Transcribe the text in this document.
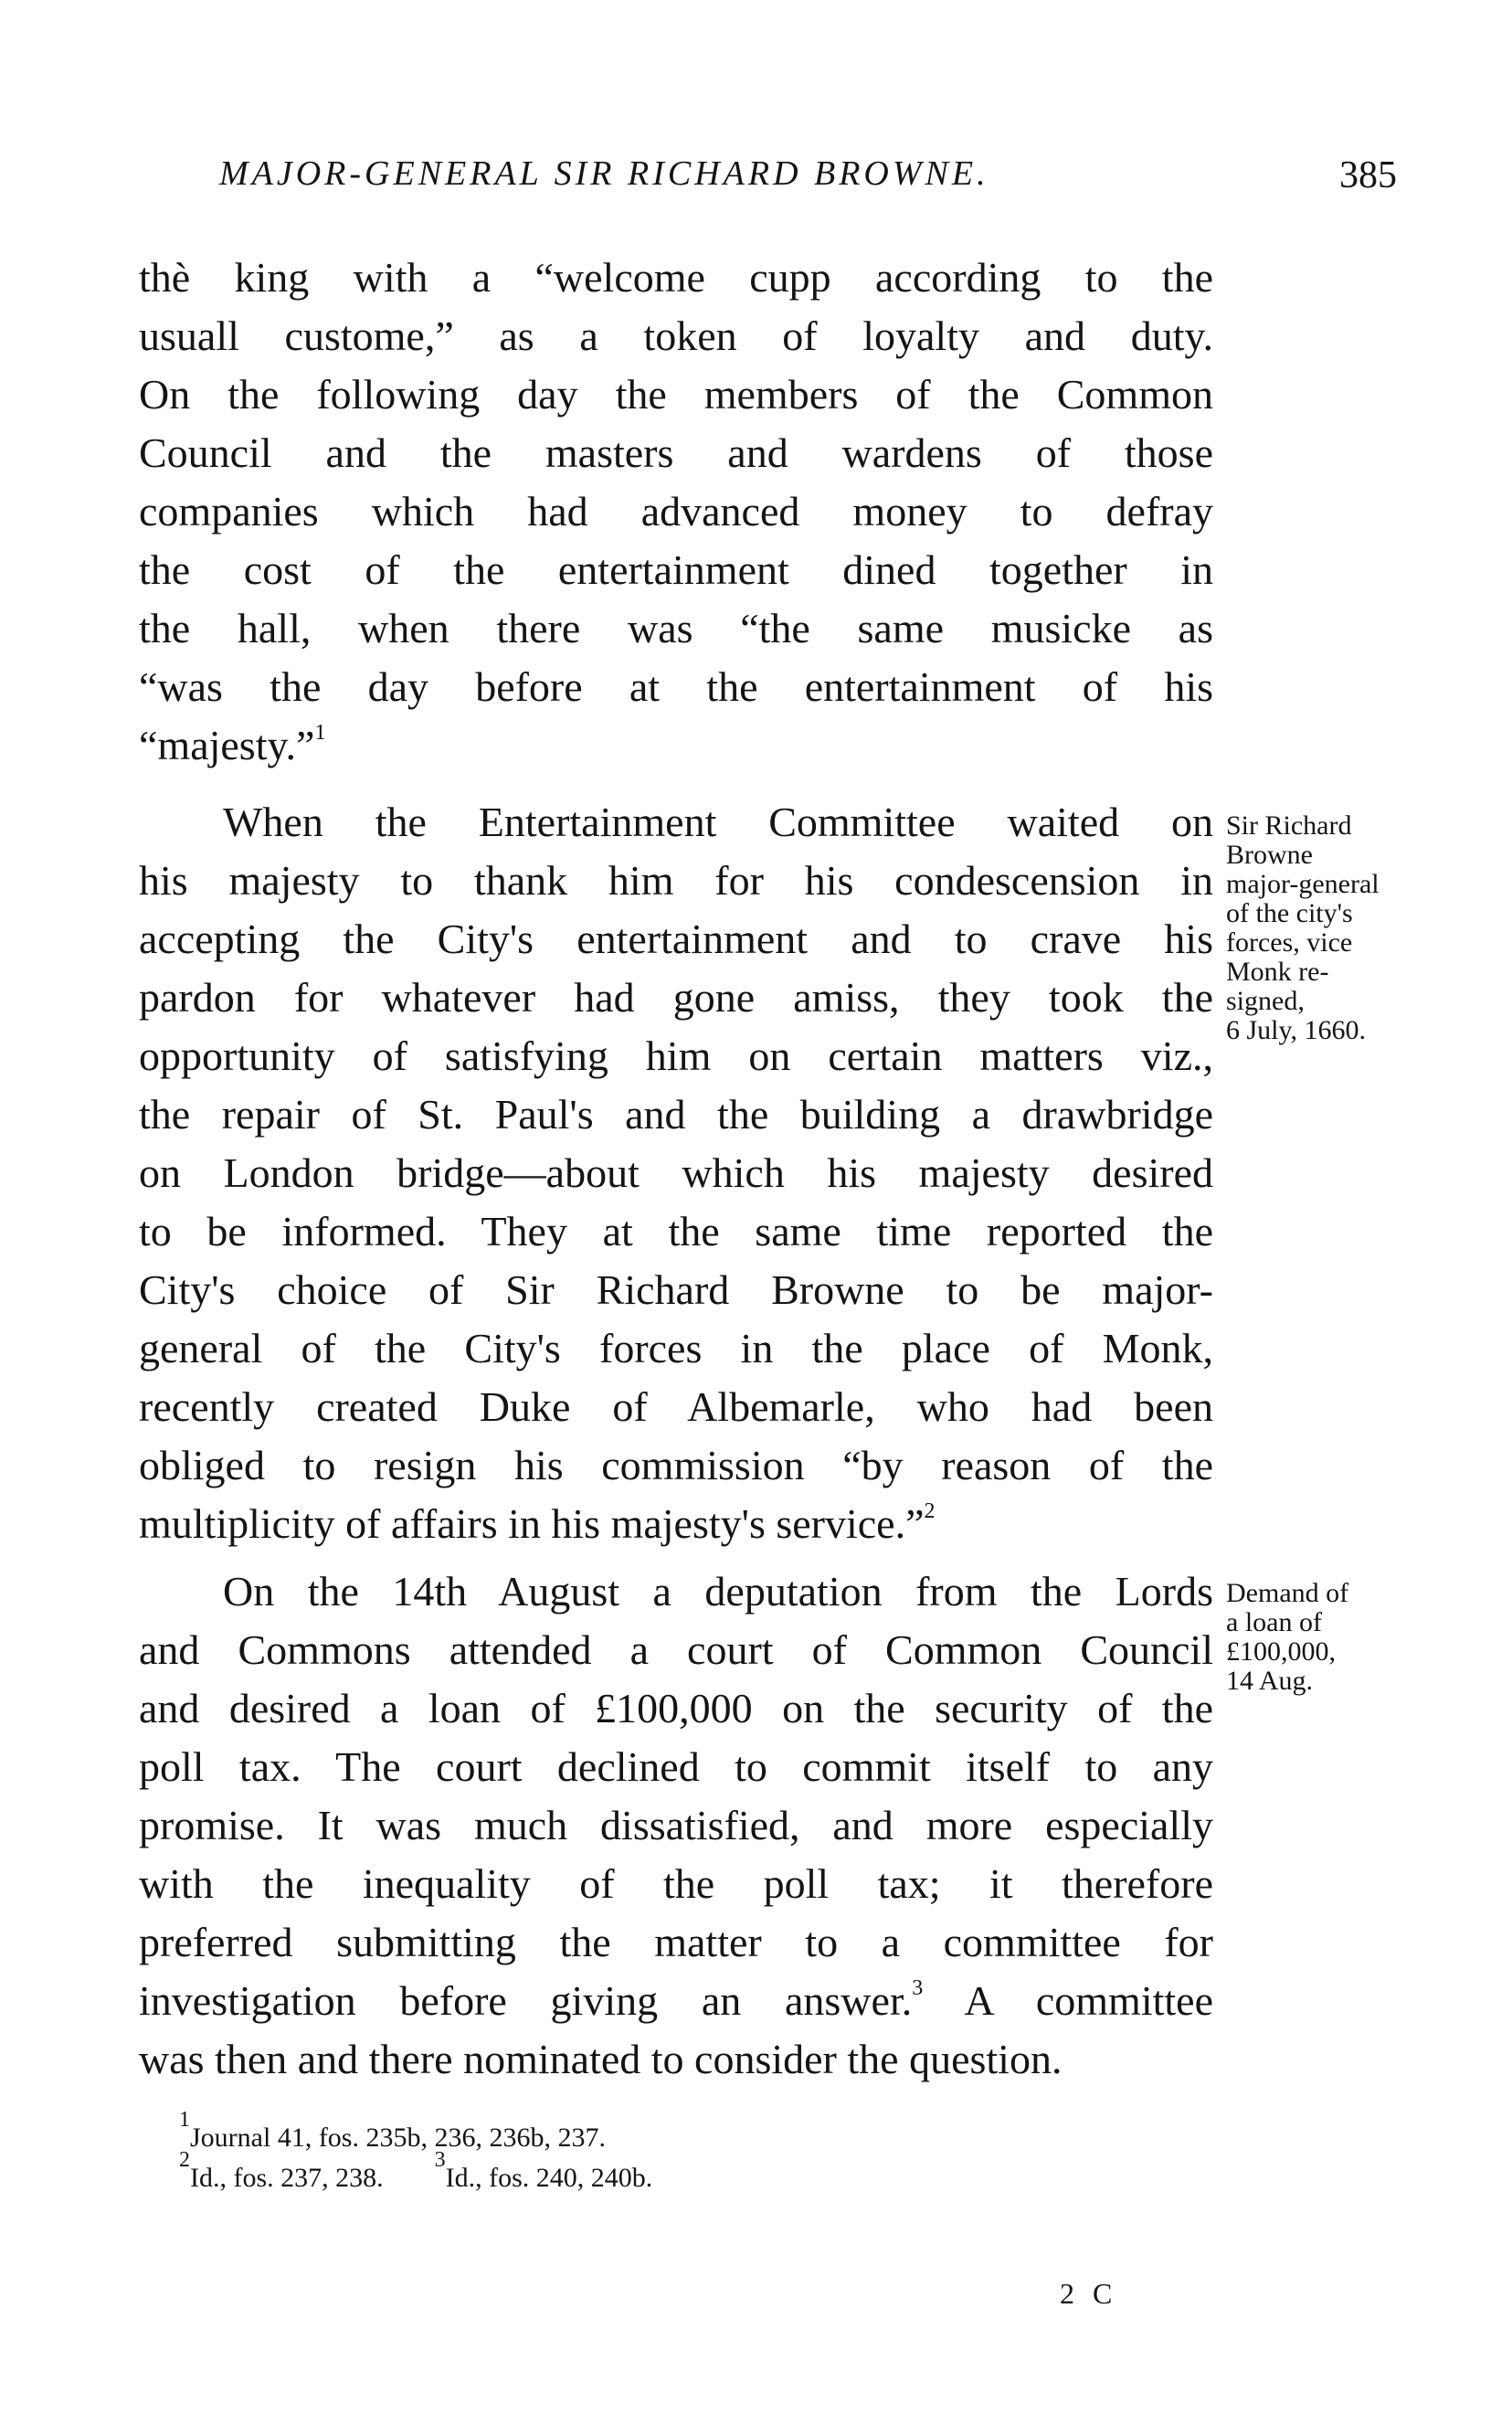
MAJOR-GENERAL SIR RICHARD BROWNE.	385
thè king with a “welcome cupp according to the
usuall custome,” as a token of loyalty and duty.
On the following day the members of the Common
Council and the masters and wardens of those
companies which had advanced money to defray
the cost of the entertainment dined together in
the hall, when there was “the same musicke as
“was the day before at the entertainment of his
“majesty.”$^1$
When the Entertainment Committee waited on
his majesty to thank him for his condescension in
accepting the City's entertainment and to crave his
pardon for whatever had gone amiss, they took the
opportunity of satisfying him on certain matters viz.,
the repair of St. Paul's and the building a drawbridge
on London bridge—about which his majesty desired
to be informed. They at the same time reported the
City's choice of Sir Richard Browne to be major-
general of the City's forces in the place of Monk,
recently created Duke of Albemarle, who had been
obliged to resign his commission “by reason of the
multiplicity of affairs in his majesty's service.”$^2$
On the 14th August a deputation from the Lords
and Commons attended a court of Common Council
and desired a loan of £100,000 on the security of the
poll tax. The court declined to commit itself to any
promise. It was much dissatisfied, and more especially
with the inequality of the poll tax; it therefore
preferred submitting the matter to a committee for
investigation before giving an answer.$^3$ A committee
was then and there nominated to consider the question.
Sir Richard
Browne
major-general
of the city's
forces, vice
Monk re-
signed,
6 July, 1660.
Demand of
a loan of
£100,000,
14 Aug.
$^1$Journal 41, fos. 235b, 236, 236b, 237.
$^2$Id., fos. 237, 238.$^3$Id., fos. 240, 240b.
2 C
